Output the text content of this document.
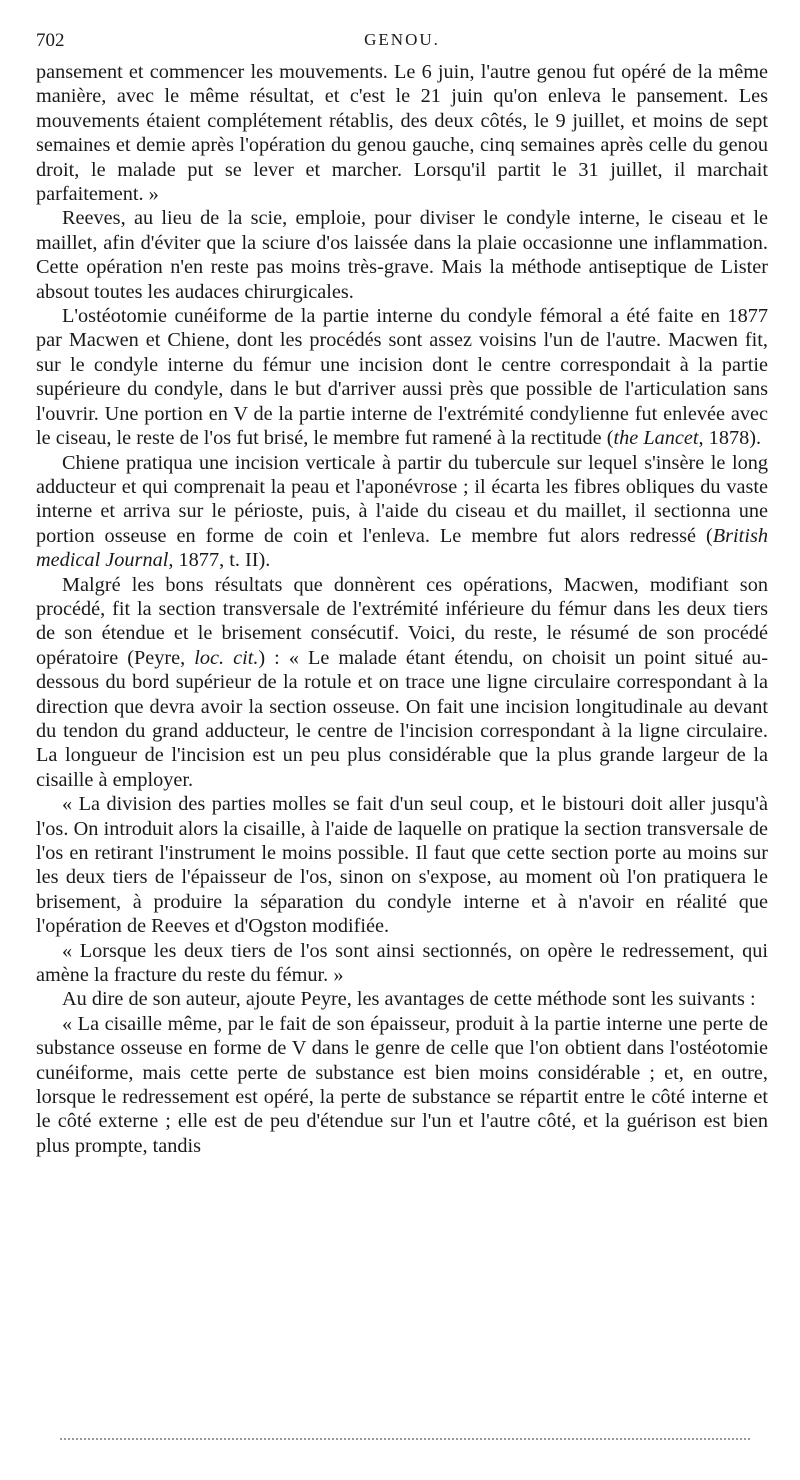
702	GENOU.

pansement et commencer les mouvements. Le 6 juin, l'autre genou fut opéré de la même manière, avec le même résultat, et c'est le 21 juin qu'on enleva le pansement. Les mouvements étaient complétement rétablis, des deux côtés, le 9 juillet, et moins de sept semaines et demie après l'opération du genou gauche, cinq semaines après celle du genou droit, le malade put se lever et marcher. Lorsqu'il partit le 31 juillet, il marchait parfaitement. »

Reeves, au lieu de la scie, emploie, pour diviser le condyle interne, le ciseau et le maillet, afin d'éviter que la sciure d'os laissée dans la plaie occasionne une inflammation. Cette opération n'en reste pas moins très-grave. Mais la méthode antiseptique de Lister absout toutes les audaces chirurgicales.

L'ostéotomie cunéiforme de la partie interne du condyle fémoral a été faite en 1877 par Macwen et Chiene, dont les procédés sont assez voisins l'un de l'autre. Macwen fit, sur le condyle interne du fémur une incision dont le centre correspondait à la partie supérieure du condyle, dans le but d'arriver aussi près que possible de l'articulation sans l'ouvrir. Une portion en V de la partie interne de l'extrémité condylienne fut enlevée avec le ciseau, le reste de l'os fut brisé, le membre fut ramené à la rectitude (the Lancet, 1878).

Chiene pratiqua une incision verticale à partir du tubercule sur lequel s'insère le long adducteur et qui comprenait la peau et l'aponévrose ; il écarta les fibres obliques du vaste interne et arriva sur le périoste, puis, à l'aide du ciseau et du maillet, il sectionna une portion osseuse en forme de coin et l'enleva. Le membre fut alors redressé (British medical Journal, 1877, t. II).

Malgré les bons résultats que donnèrent ces opérations, Macwen, modifiant son procédé, fit la section transversale de l'extrémité inférieure du fémur dans les deux tiers de son étendue et le brisement consécutif. Voici, du reste, le résumé de son procédé opératoire (Peyre, loc. cit.) : « Le malade étant étendu, on choisit un point situé au-dessous du bord supérieur de la rotule et on trace une ligne circulaire correspondant à la direction que devra avoir la section osseuse. On fait une incision longitudinale au devant du tendon du grand adducteur, le centre de l'incision correspondant à la ligne circulaire. La longueur de l'incision est un peu plus considérable que la plus grande largeur de la cisaille à employer.

« La division des parties molles se fait d'un seul coup, et le bistouri doit aller jusqu'à l'os. On introduit alors la cisaille, à l'aide de laquelle on pratique la section transversale de l'os en retirant l'instrument le moins possible. Il faut que cette section porte au moins sur les deux tiers de l'épaisseur de l'os, sinon on s'expose, au moment où l'on pratiquera le brisement, à produire la séparation du condyle interne et à n'avoir en réalité que l'opération de Reeves et d'Ogston modifiée.

« Lorsque les deux tiers de l'os sont ainsi sectionnés, on opère le redressement, qui amène la fracture du reste du fémur. »

Au dire de son auteur, ajoute Peyre, les avantages de cette méthode sont les suivants :

« La cisaille même, par le fait de son épaisseur, produit à la partie interne une perte de substance osseuse en forme de V dans le genre de celle que l'on obtient dans l'ostéotomie cunéiforme, mais cette perte de substance est bien moins considérable ; et, en outre, lorsque le redressement est opéré, la perte de substance se répartit entre le côté interne et le côté externe ; elle est de peu d'étendue sur l'un et l'autre côté, et la guérison est bien plus prompte, tandis
